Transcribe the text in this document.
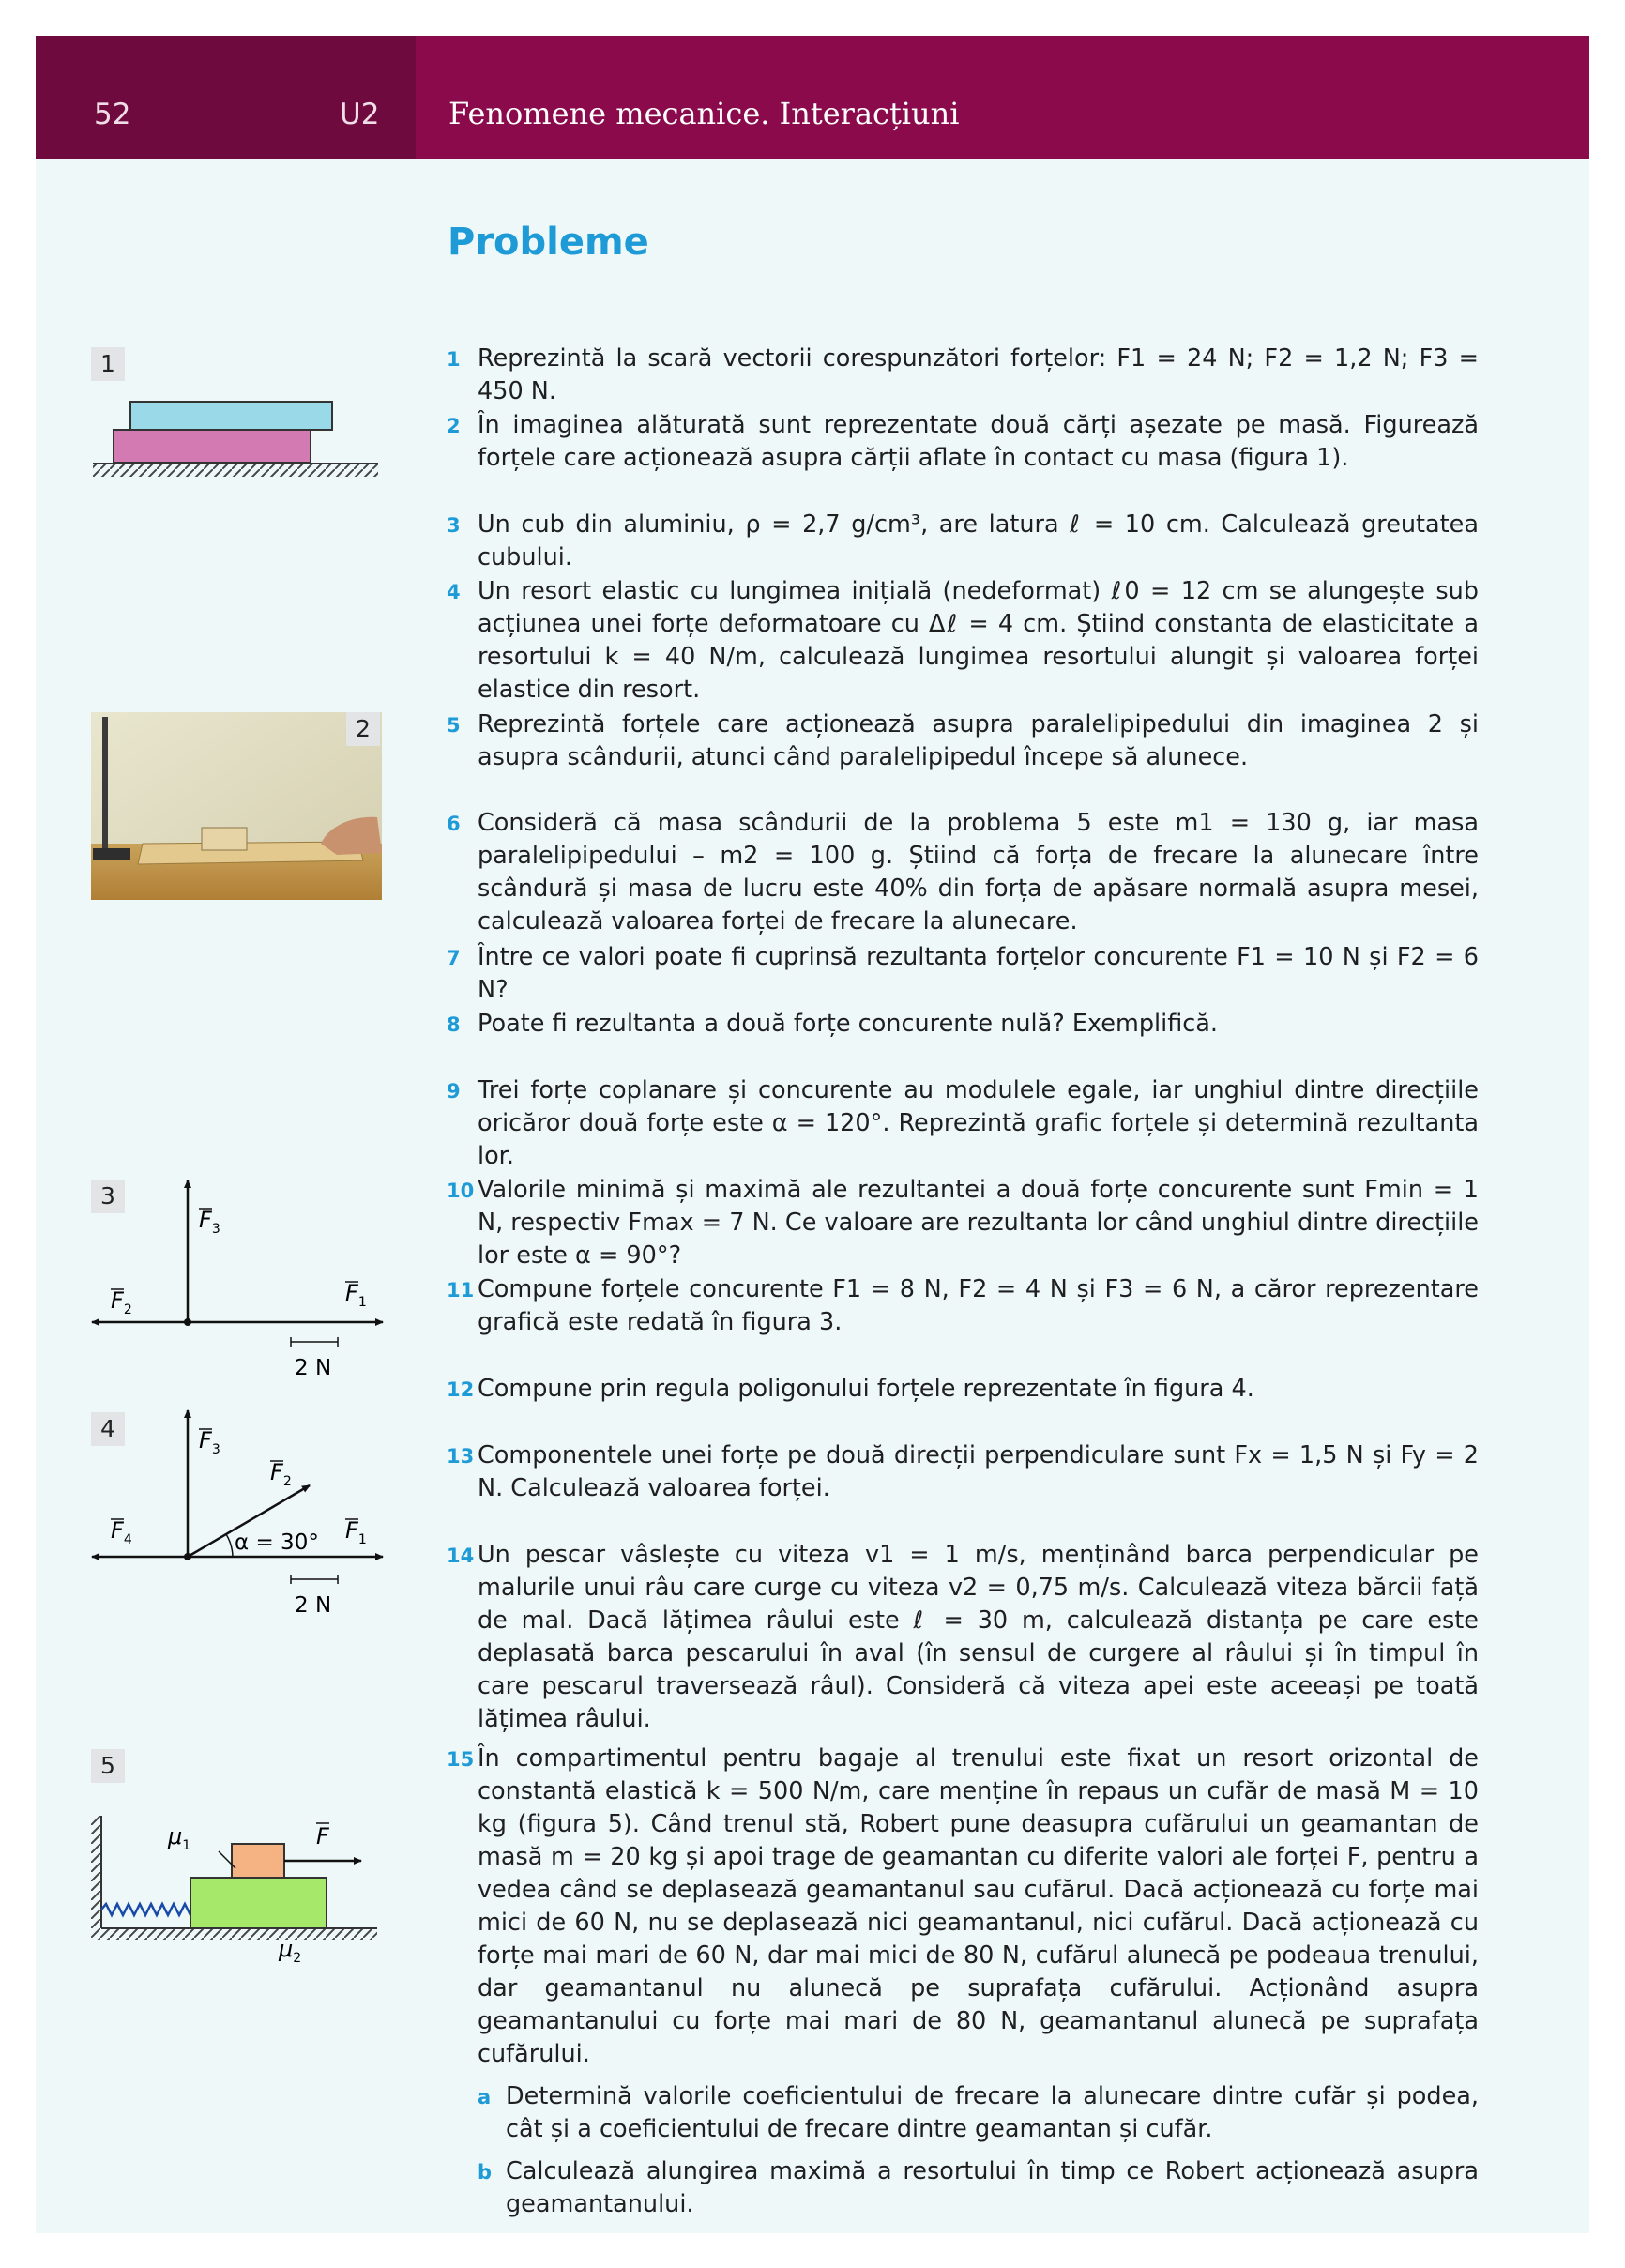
52	U2 Fenomene mecanice. Interacțiuni
Probleme
1
2
3
$F_3$
$F_2$
$F_1$
2 N
4	$F_3$
$F_2$
$F_4$	$F_1$
α = 30°
2 N
5
F
$\mu_1$
$\mu_2$
1 Reprezintă la scară vectorii corespunzători forțelor: F1 = 24 N; F2 = 1,2 N; F3 = 450 N.
2 În imaginea alăturată sunt reprezentate două cărți așezate pe masă. Figurează forțele care acționează asupra cărții aflate în contact cu masa (figura 1).
3 Un cub din aluminiu, ρ = 2,7 g/cm³, are latura ℓ = 10 cm. Calculează greutatea cubului.
4 Un resort elastic cu lungimea inițială (nedeformat) ℓ0 = 12 cm se alungește sub acțiunea unei forțe deformatoare cu Δℓ = 4 cm. Știind constanta de elasticitate a resortului k = 40 N/m, calculează lungimea resortului alungit și valoarea forței elastice din resort.
5 Reprezintă forțele care acționează asupra paralelipipedului din imaginea 2 și asupra scândurii, atunci când paralelipipedul începe să alunece.
6 Consideră că masa scândurii de la problema 5 este m1 = 130 g, iar masa paralelipipedului – m2 = 100 g. Știind că forța de frecare la alunecare între scândură și masa de lucru este 40% din forța de apăsare normală asupra mesei, calculează valoarea forței de frecare la alunecare.
7 Între ce valori poate fi cuprinsă rezultanta forțelor concurente F1 = 10 N și F2 = 6 N?
8 Poate fi rezultanta a două forțe concurente nulă? Exemplifică.
9 Trei forțe coplanare și concurente au modulele egale, iar unghiul dintre direcțiile oricăror două forțe este α = 120°. Reprezintă grafic forțele și determină rezultanta lor.
10 Valorile minimă și maximă ale rezultantei a două forțe concurente sunt Fmin = 1 N, respectiv Fmax = 7 N. Ce valoare are rezultanta lor când unghiul dintre direcțiile lor este α = 90°?
11 Compune forțele concurente F1 = 8 N, F2 = 4 N și F3 = 6 N, a căror reprezentare grafică este redată în figura 3.
12 Compune prin regula poligonului forțele reprezentate în figura 4.
13 Componentele unei forțe pe două direcții perpendiculare sunt Fx = 1,5 N și Fy = 2 N. Calculează valoarea forței.
14 Un pescar vâslește cu viteza v1 = 1 m/s, menținând barca perpendicular pe malurile unui râu care curge cu viteza v2 = 0,75 m/s. Calculează viteza bărcii față de mal. Dacă lățimea râului este ℓ = 30 m, calculează distanța pe care este deplasată barca pescarului în aval (în sensul de curgere al râului și în timpul în care pescarul traversează râul). Consideră că viteza apei este aceeași pe toată lățimea râului.
15 În compartimentul pentru bagaje al trenului este fixat un resort orizontal de constantă elastică k = 500 N/m, care menține în repaus un cufăr de masă M = 10 kg (figura 5). Când trenul stă, Robert pune deasupra cufărului un geamantan de masă m = 20 kg și apoi trage de geamantan cu diferite valori ale forței F, pentru a vedea când se deplasează geamantanul sau cufărul. Dacă acționează cu forțe mai mici de 60 N, nu se deplasează nici geamantanul, nici cufărul. Dacă acționează cu forțe mai mari de 60 N, dar mai mici de 80 N, cufărul alunecă pe podeaua trenului, dar geamantanul nu alunecă pe suprafața cufărului. Acționând asupra geamantanului cu forțe mai mari de 80 N, geamantanul alunecă pe suprafața cufărului.
a Determină valorile coeficientului de frecare la alunecare dintre cufăr și podea, cât și a coeficientului de frecare dintre geamantan și cufăr.
b Calculează alungirea maximă a resortului în timp ce Robert acționează asupra geamantanului.
